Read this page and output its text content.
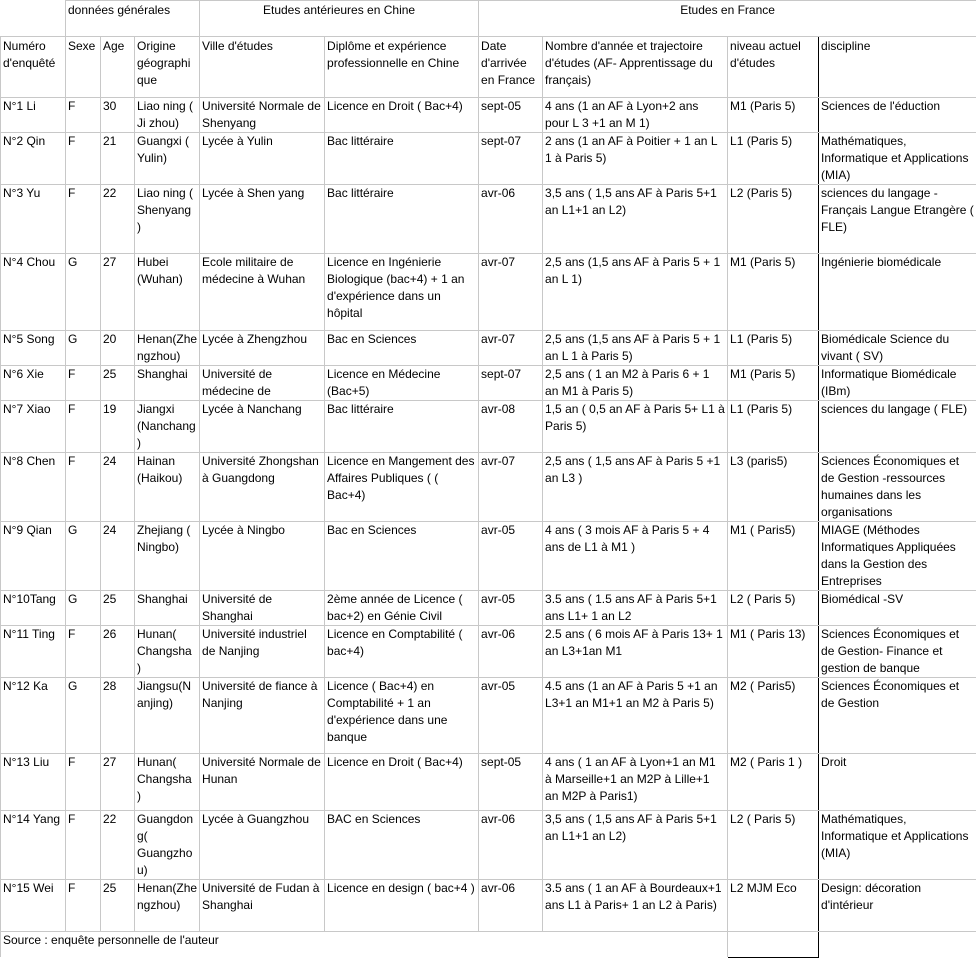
	données générales			Etudes antérieures en Chine		Etudes en France			
Numéro d'enquêté	Sexe	Age	Origine géographique	Ville d'études	Diplôme et expérience professionnelle en Chine	Date d'arrivée en France	Nombre d'année et trajectoire d'études (AF- Apprentissage du français)	niveau actuel d'études	discipline
N°1 Li	F	30	Liao ning ( Ji zhou)	Université Normale de Shenyang	Licence en Droit ( Bac+4)	sept-05	4 ans (1 an AF à Lyon+2 ans pour L 3 +1 an M 1)	M1 (Paris 5)	Sciences de l'éduction
N°2 Qin	F	21	Guangxi ( Yulin)	Lycée à Yulin	Bac littéraire	sept-07	2 ans (1 an AF à Poitier + 1 an L 1 à Paris 5)	L1 (Paris 5)	Mathématiques, Informatique et Applications (MIA)
N°3 Yu	F	22	Liao ning ( Shenyang )	Lycée à Shen yang	Bac littéraire	avr-06	3,5 ans ( 1,5 ans AF à Paris 5+1 an L1+1 an L2)	L2 (Paris 5)	sciences du langage - Français Langue Etrangère ( FLE)
N°4 Chou	G	27	Hubei (Wuhan)	Ecole militaire de médecine à Wuhan	Licence en Ingénierie Biologique (bac+4) + 1 an d'expérience dans un hôpital	avr-07	2,5 ans (1,5 ans AF à Paris 5 + 1 an L 1)	M1 (Paris 5)	Ingénierie biomédicale
N°5 Song	G	20	Henan(Zhengzhou)	Lycée à Zhengzhou	Bac en Sciences	avr-07	2,5 ans (1,5 ans AF à Paris 5 + 1 an L 1 à Paris 5)	L1 (Paris 5)	Biomédicale Science du vivant ( SV)
N°6 Xie	F	25	Shanghai	Université de médecine de	Licence en Médecine (Bac+5)	sept-07	2,5 ans ( 1 an M2 à Paris 6 + 1 an M1 à Paris 5)	M1 (Paris 5)	Informatique Biomédicale (IBm)
N°7 Xiao	F	19	Jiangxi (Nanchang)	Lycée à Nanchang	Bac littéraire	avr-08	1,5 an ( 0,5 an AF à Paris 5+ L1 à Paris 5)	L1 (Paris 5)	sciences du langage ( FLE)
N°8 Chen	F	24	Hainan (Haikou)	Université Zhongshan à Guangdong	Licence en Mangement des Affaires Publiques ( ( Bac+4)	avr-07	2,5 ans ( 1,5 ans AF à Paris 5 +1 an L3 )	L3 (paris5)	Sciences Économiques et de Gestion -ressources humaines dans les organisations
N°9 Qian	G	24	Zhejiang ( Ningbo)	Lycée à Ningbo	Bac en Sciences	avr-05	4 ans ( 3 mois AF à Paris 5 + 4 ans de L1 à M1 )	M1 ( Paris5)	MIAGE (Méthodes Informatiques Appliquées dans la Gestion des Entreprises
N°10Tang	G	25	Shanghai	Université de Shanghai	2ème année de Licence ( bac+2) en Génie Civil	avr-05	3.5 ans ( 1.5 ans AF à Paris 5+1 ans L1+ 1 an L2	L2 ( Paris 5)	Biomédical -SV
N°11 Ting	F	26	Hunan( Changsha )	Université industriel de Nanjing	Licence en Comptabilité ( bac+4)	avr-06	2.5 ans ( 6 mois AF à Paris 13+ 1 an L3+1an M1	M1 ( Paris 13)	Sciences Économiques et de Gestion- Finance et gestion de banque
N°12 Ka	G	28	Jiangsu(Nanjing)	Université de fiance à Nanjing	Licence ( Bac+4) en Comptabilité + 1 an d'expérience dans une banque	avr-05	4.5 ans (1 an AF à Paris 5 +1 an L3+1 an M1+1 an M2 à Paris 5)	M2 ( Paris5)	Sciences Économiques et de Gestion
N°13 Liu	F	27	Hunan( Changsha )	Université Normale de Hunan	Licence en Droit ( Bac+4)	sept-05	4 ans ( 1 an AF à Lyon+1 an M1 à Marseille+1 an M2P à Lille+1 an M2P à Paris1)	M2 ( Paris 1 )	Droit
N°14 Yang	F	22	Guangdong( Guangzhou)	Lycée à Guangzhou	BAC en Sciences	avr-06	3,5 ans ( 1,5 ans AF à Paris 5+1 an L1+1 an L2)	L2 ( Paris 5)	Mathématiques, Informatique et Applications (MIA)
N°15 Wei	F	25	Henan(Zhengzhou)	Université de Fudan à Shanghai	Licence en design ( bac+4 )	avr-06	3.5 ans ( 1 an AF à Bourdeaux+1 ans L1 à Paris+ 1 an L2 à Paris)	L2 MJM Eco	Design: décoration d'intérieur
Source : enquête personnelle de l'auteur									
